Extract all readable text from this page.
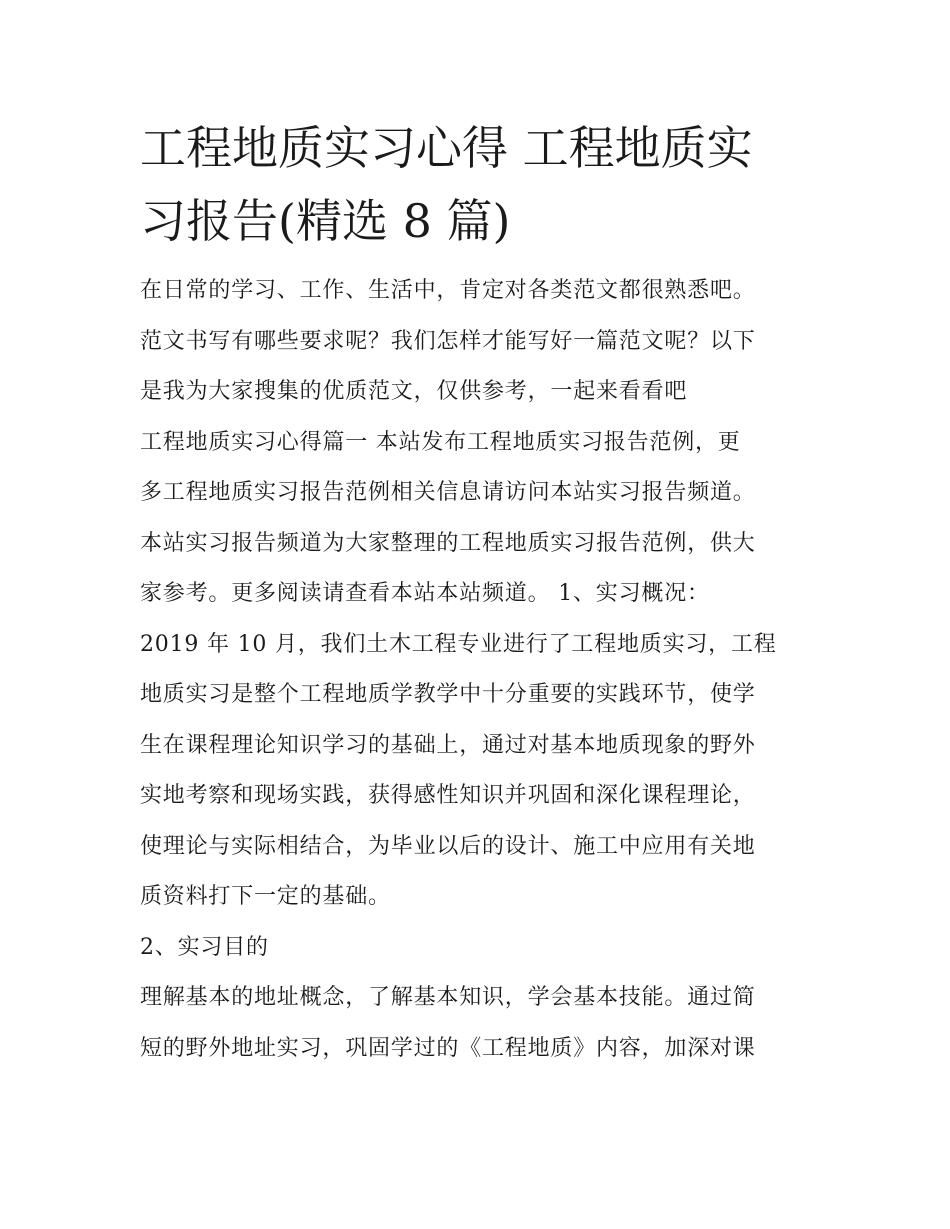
工程地质实习心得 工程地质实
习报告(精选 8 篇)
在日常的学习、工作、生活中，肯定对各类范文都很熟悉吧。
范文书写有哪些要求呢？我们怎样才能写好一篇范文呢？以下
是我为大家搜集的优质范文，仅供参考，一起来看看吧
工程地质实习心得篇一 本站发布工程地质实习报告范例，更
多工程地质实习报告范例相关信息请访问本站实习报告频道。
本站实习报告频道为大家整理的工程地质实习报告范例，供大
家参考。更多阅读请查看本站本站频道。 1、实习概况：
2019 年 10 月，我们土木工程专业进行了工程地质实习，工程
地质实习是整个工程地质学教学中十分重要的实践环节，使学
生在课程理论知识学习的基础上，通过对基本地质现象的野外
实地考察和现场实践，获得感性知识并巩固和深化课程理论，
使理论与实际相结合，为毕业以后的设计、施工中应用有关地
质资料打下一定的基础。
2、实习目的
理解基本的地址概念，了解基本知识，学会基本技能。通过简
短的野外地址实习，巩固学过的《工程地质》内容，加深对课
